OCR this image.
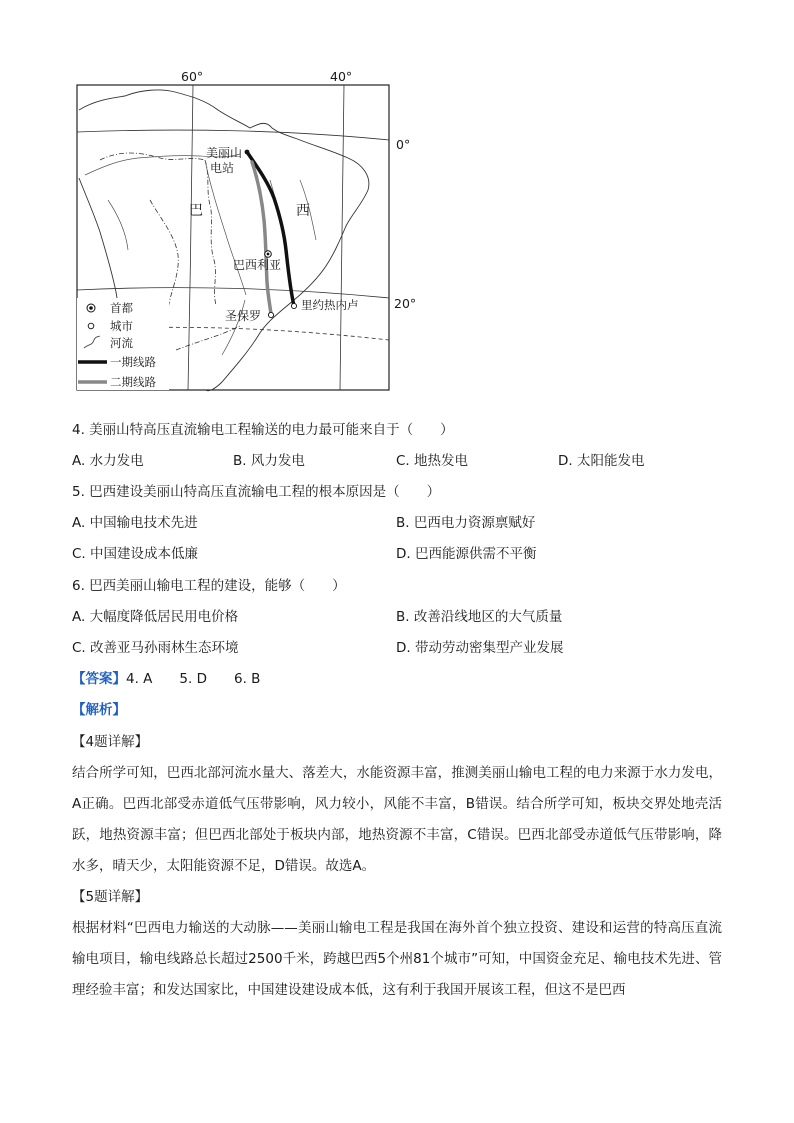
60°	40°
0°
20°
美丽山
电站
巴	西
巴西利亚
里约热内卢
圣保罗
首都
城市
河流
一期线路
二期线路
4. 美丽山特高压直流输电工程输送的电力最可能来自于（　　）
A. 水力发电	B. 风力发电	C. 地热发电	D. 太阳能发电
5. 巴西建设美丽山特高压直流输电工程的根本原因是（　　）
A. 中国输电技术先进	B. 巴西电力资源禀赋好
C. 中国建设成本低廉	D. 巴西能源供需不平衡
6. 巴西美丽山输电工程的建设，能够（　　）
A. 大幅度降低居民用电价格	B. 改善沿线地区的大气质量
C. 改善亚马孙雨林生态环境	D. 带动劳动密集型产业发展
【答案】4. A　　5. D　　6. B
【解析】
【4题详解】
结合所学可知，巴西北部河流水量大、落差大，水能资源丰富，推测美丽山输电工程的电力来源于水力发电，A正确。巴西北部受赤道低气压带影响，风力较小，风能不丰富，B错误。结合所学可知，板块交界处地壳活跃，地热资源丰富；但巴西北部处于板块内部，地热资源不丰富，C错误。巴西北部受赤道低气压带影响，降水多，晴天少，太阳能资源不足，D错误。故选A。
【5题详解】
根据材料“巴西电力输送的大动脉——美丽山输电工程是我国在海外首个独立投资、建设和运营的特高压直流输电项目，输电线路总长超过2500千米，跨越巴西5个州81个城市”可知，中国资金充足、输电技术先进、管理经验丰富；和发达国家比，中国建设建设成本低，这有利于我国开展该工程，但这不是巴西
